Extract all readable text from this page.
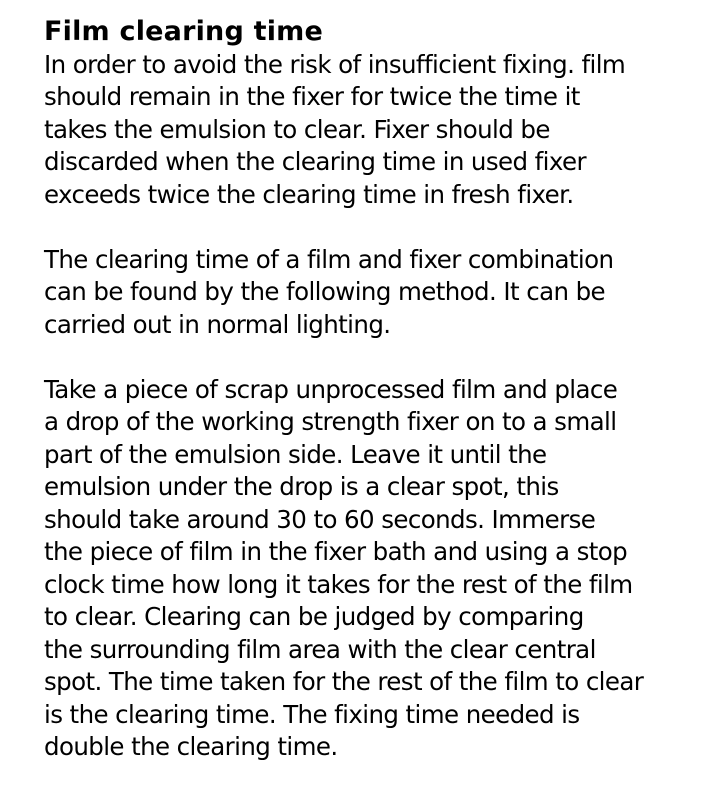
Film clearing time

In order to avoid the risk of insufficient fixing. film
should remain in the fixer for twice the time it
takes the emulsion to clear. Fixer should be
discarded when the clearing time in used fixer
exceeds twice the clearing time in fresh fixer.

The clearing time of a film and fixer combination
can be found by the following method. It can be
carried out in normal lighting.

Take a piece of scrap unprocessed film and place
a drop of the working strength fixer on to a small
part of the emulsion side. Leave it until the
emulsion under the drop is a clear spot, this
should take around 30 to 60 seconds. Immerse
the piece of film in the fixer bath and using a stop
clock time how long it takes for the rest of the film
to clear. Clearing can be judged by comparing
the surrounding film area with the clear central
spot. The time taken for the rest of the film to clear
is the clearing time. The fixing time needed is
double the clearing time.
